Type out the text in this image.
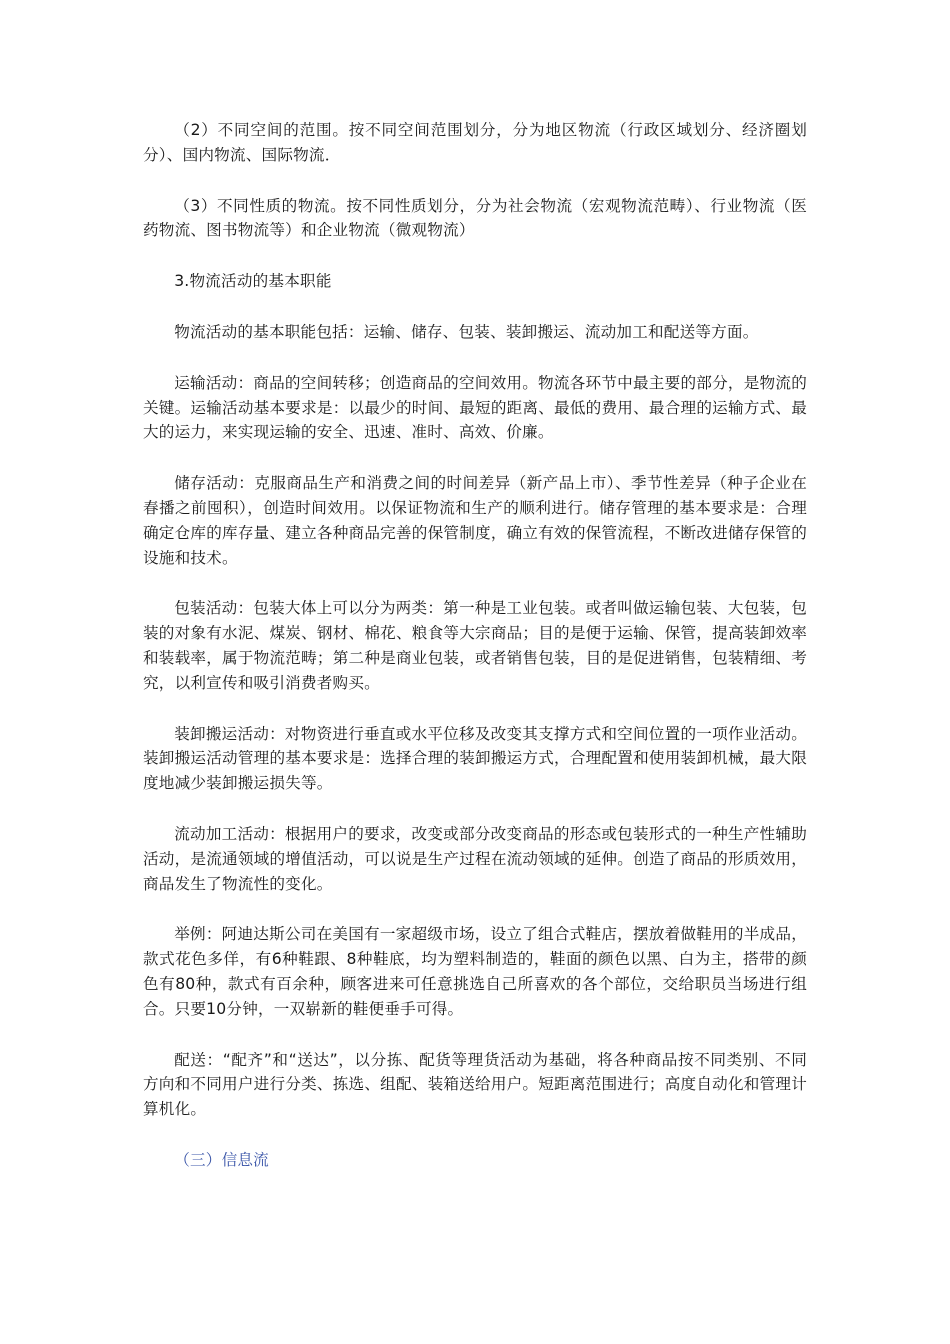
（2）不同空间的范围。按不同空间范围划分，分为地区物流（行政区域划分、经济圈划分）、国内物流、国际物流．

（3）不同性质的物流。按不同性质划分，分为社会物流（宏观物流范畴）、行业物流（医药物流、图书物流等）和企业物流（微观物流）

3.物流活动的基本职能

物流活动的基本职能包括：运输、储存、包装、装卸搬运、流动加工和配送等方面。

运输活动：商品的空间转移；创造商品的空间效用。物流各环节中最主要的部分，是物流的关键。运输活动基本要求是：以最少的时间、最短的距离、最低的费用、最合理的运输方式、最大的运力，来实现运输的安全、迅速、准时、高效、价廉。

储存活动：克服商品生产和消费之间的时间差异（新产品上市）、季节性差异（种子企业在春播之前囤积），创造时间效用。以保证物流和生产的顺利进行。储存管理的基本要求是：合理确定仓库的库存量、建立各种商品完善的保管制度，确立有效的保管流程，不断改进储存保管的设施和技术。

包装活动：包装大体上可以分为两类：第一种是工业包装。或者叫做运输包装、大包装，包装的对象有水泥、煤炭、钢材、棉花、粮食等大宗商品；目的是便于运输、保管，提高装卸效率和装载率，属于物流范畴；第二种是商业包装，或者销售包装，目的是促进销售，包装精细、考究，以利宣传和吸引消费者购买。

装卸搬运活动：对物资进行垂直或水平位移及改变其支撑方式和空间位置的一项作业活动。装卸搬运活动管理的基本要求是：选择合理的装卸搬运方式，合理配置和使用装卸机械，最大限度地减少装卸搬运损失等。

流动加工活动：根据用户的要求，改变或部分改变商品的形态或包装形式的一种生产性辅助活动，是流通领域的增值活动，可以说是生产过程在流动领域的延伸。创造了商品的形质效用，商品发生了物流性的变化。

举例：阿迪达斯公司在美国有一家超级市场，设立了组合式鞋店，摆放着做鞋用的半成品，款式花色多佯，有6种鞋跟、8种鞋底，均为塑料制造的，鞋面的颜色以黑、白为主，搭带的颜色有80种，款式有百余种，顾客进来可任意挑选自己所喜欢的各个部位，交给职员当场进行组合。只要10分钟，一双崭新的鞋便垂手可得。

配送：“配齐”和“送达”，以分拣、配货等理货活动为基础，将各种商品按不同类别、不同方向和不同用户进行分类、拣选、组配、装箱送给用户。短距离范围进行；高度自动化和管理计算机化。

（三）信息流
